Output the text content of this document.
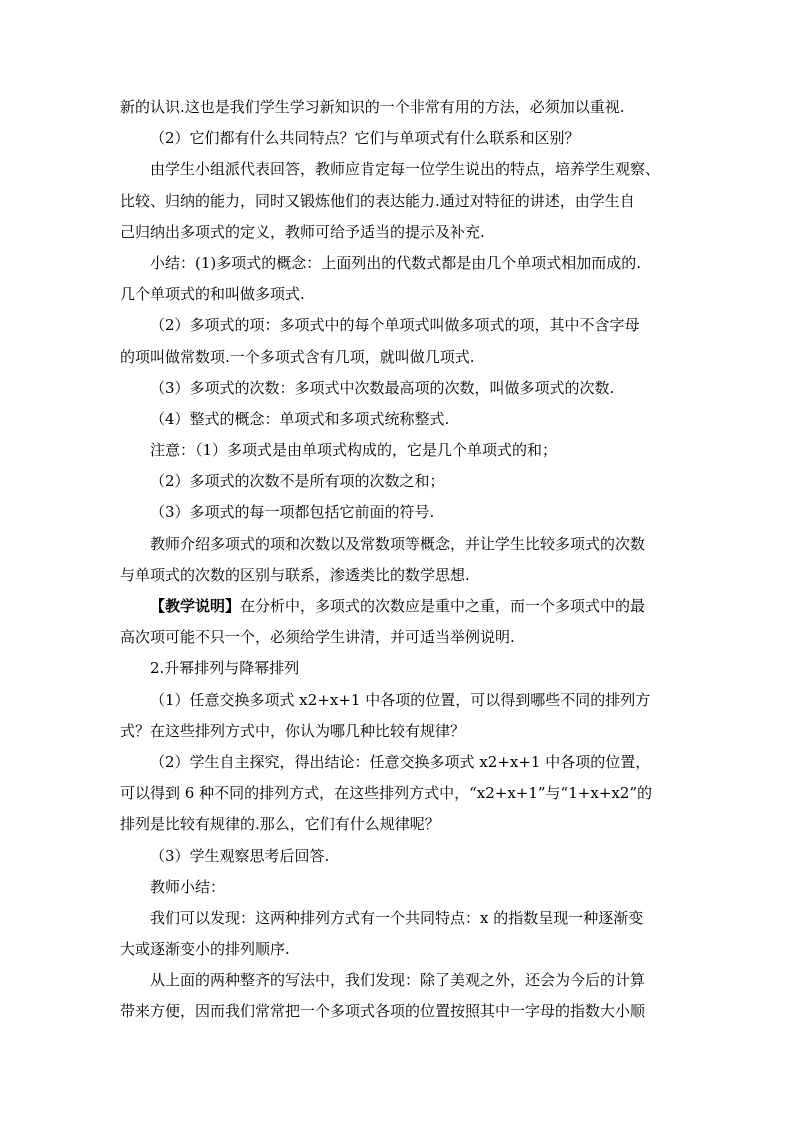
新的认识.这也是我们学生学习新知识的一个非常有用的方法，必须加以重视.
（2）它们都有什么共同特点？它们与单项式有什么联系和区别？
由学生小组派代表回答，教师应肯定每一位学生说出的特点，培养学生观察、
比较、归纳的能力，同时又锻炼他们的表达能力.通过对特征的讲述，由学生自
己归纳出多项式的定义，教师可给予适当的提示及补充.
小结：(1)多项式的概念：上面列出的代数式都是由几个单项式相加而成的.
几个单项式的和叫做多项式.
（2）多项式的项：多项式中的每个单项式叫做多项式的项，其中不含字母
的项叫做常数项.一个多项式含有几项，就叫做几项式.
（3）多项式的次数：多项式中次数最高项的次数，叫做多项式的次数.
（4）整式的概念：单项式和多项式统称整式.
注意：（1）多项式是由单项式构成的，它是几个单项式的和；
（2）多项式的次数不是所有项的次数之和；
（3）多项式的每一项都包括它前面的符号.
教师介绍多项式的项和次数以及常数项等概念，并让学生比较多项式的次数
与单项式的次数的区别与联系，渗透类比的数学思想.
【教学说明】在分析中，多项式的次数应是重中之重，而一个多项式中的最
高次项可能不只一个，必须给学生讲清，并可适当举例说明.
2.升幂排列与降幂排列
（1）任意交换多项式 x2+x+1 中各项的位置，可以得到哪些不同的排列方
式？在这些排列方式中，你认为哪几种比较有规律？
（2）学生自主探究，得出结论：任意交换多项式 x2+x+1 中各项的位置，
可以得到 6 种不同的排列方式，在这些排列方式中，“x2+x+1”与“1+x+x2”的
排列是比较有规律的.那么，它们有什么规律呢？
（3）学生观察思考后回答.
教师小结：
我们可以发现：这两种排列方式有一个共同特点：x 的指数呈现一种逐渐变
大或逐渐变小的排列顺序.
从上面的两种整齐的写法中，我们发现：除了美观之外，还会为今后的计算
带来方便，因而我们常常把一个多项式各项的位置按照其中一字母的指数大小顺
